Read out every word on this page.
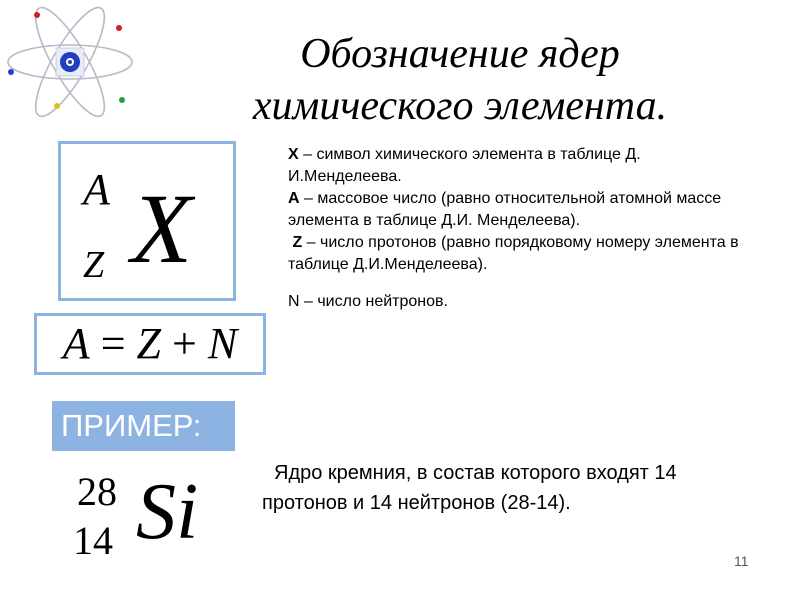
Обозначение ядер
химического элемента.
A
Z X
A = Z + N

X – символ химического элемента в таблице Д. И.Менделеева.

А – массовое число (равно относительной атомной массе элемента в таблице Д.И. Менделеева).

Z – число протонов (равно порядковому номеру элемента в таблице Д.И.Менделеева).

N – число нейтронов.

ПРИМЕР:
28
14 Si	Ядро кремния, в состав которого входят 14 протонов и 14 нейтронов (28-14).
11
